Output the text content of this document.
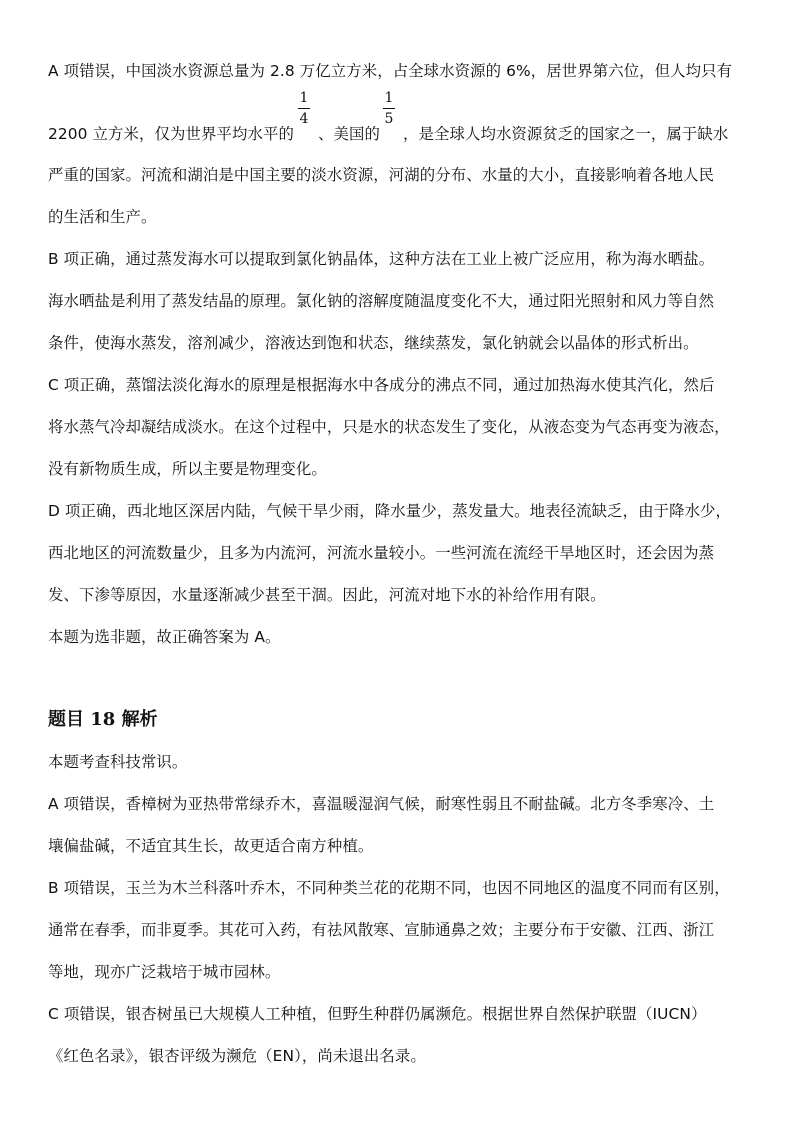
A 项错误，中国淡水资源总量为 2.8 万亿立方米，占全球水资源的 6%，居世界第六位，但人均只有
1
4
1
5
2200 立方米，仅为世界平均水平的 、美国的 ，是全球人均水资源贫乏的国家之一，属于缺水
严重的国家。河流和湖泊是中国主要的淡水资源，河湖的分布、水量的大小，直接影响着各地人民
的生活和生产。
B 项正确，通过蒸发海水可以提取到氯化钠晶体，这种方法在工业上被广泛应用，称为海水晒盐。
海水晒盐是利用了蒸发结晶的原理。氯化钠的溶解度随温度变化不大，通过阳光照射和风力等自然
条件，使海水蒸发，溶剂减少，溶液达到饱和状态，继续蒸发，氯化钠就会以晶体的形式析出。
C 项正确，蒸馏法淡化海水的原理是根据海水中各成分的沸点不同，通过加热海水使其汽化，然后
将水蒸气冷却凝结成淡水。在这个过程中，只是水的状态发生了变化，从液态变为气态再变为液态，
没有新物质生成，所以主要是物理变化。
D 项正确，西北地区深居内陆，气候干旱少雨，降水量少，蒸发量大。地表径流缺乏，由于降水少，
西北地区的河流数量少，且多为内流河，河流水量较小。一些河流在流经干旱地区时，还会因为蒸
发、下渗等原因，水量逐渐减少甚至干涸。因此，河流对地下水的补给作用有限。
本题为选非题，故正确答案为 A。
题目 18 解析
本题考查科技常识。
A 项错误，香樟树为亚热带常绿乔木，喜温暖湿润气候，耐寒性弱且不耐盐碱。北方冬季寒冷、土
壤偏盐碱，不适宜其生长，故更适合南方种植。
B 项错误，玉兰为木兰科落叶乔木，不同种类兰花的花期不同，也因不同地区的温度不同而有区别，
通常在春季，而非夏季。其花可入药，有祛风散寒、宣肺通鼻之效；主要分布于安徽、江西、浙江
等地，现亦广泛栽培于城市园林。
C 项错误，银杏树虽已大规模人工种植，但野生种群仍属濒危。根据世界自然保护联盟（IUCN）
《红色名录》，银杏评级为濒危（EN），尚未退出名录。
